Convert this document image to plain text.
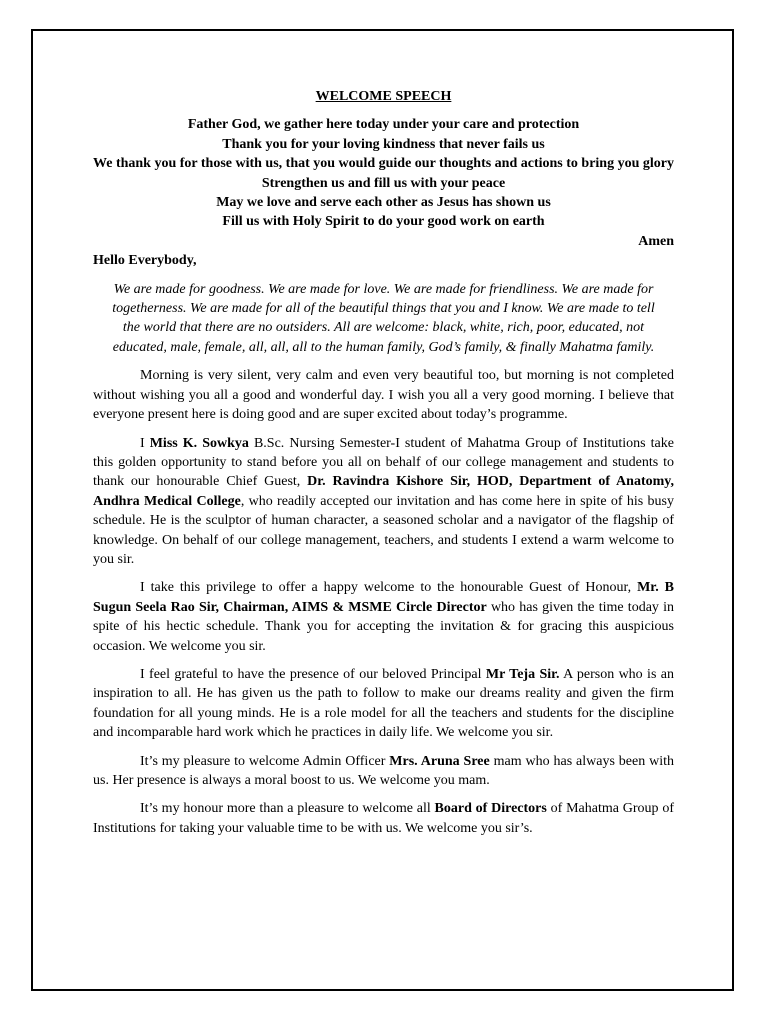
WELCOME SPEECH

Father God, we gather here today under your care and protection
Thank you for your loving kindness that never fails us
We thank you for those with us, that you would guide our thoughts and actions to bring you glory
Strengthen us and fill us with your peace
May we love and serve each other as Jesus has shown us
Fill us with Holy Spirit to do your good work on earth

Amen

Hello Everybody,

We are made for goodness. We are made for love. We are made for friendliness. We are made for togetherness. We are made for all of the beautiful things that you and I know. We are made to tell the world that there are no outsiders. All are welcome: black, white, rich, poor, educated, not educated, male, female, all, all, all to the human family, God’s family, & finally Mahatma family.

Morning is very silent, very calm and even very beautiful too, but morning is not completed without wishing you all a good and wonderful day. I wish you all a very good morning. I believe that everyone present here is doing good and are super excited about today’s programme.

I Miss K. Sowkya B.Sc. Nursing Semester-I student of Mahatma Group of Institutions take this golden opportunity to stand before you all on behalf of our college management and students to thank our honourable Chief Guest, Dr. Ravindra Kishore Sir, HOD, Department of Anatomy, Andhra Medical College, who readily accepted our invitation and has come here in spite of his busy schedule. He is the sculptor of human character, a seasoned scholar and a navigator of the flagship of knowledge. On behalf of our college management, teachers, and students I extend a warm welcome to you sir.

I take this privilege to offer a happy welcome to the honourable Guest of Honour, Mr. B Sugun Seela Rao Sir, Chairman, AIMS & MSME Circle Director who has given the time today in spite of his hectic schedule. Thank you for accepting the invitation & for gracing this auspicious occasion. We welcome you sir.

I feel grateful to have the presence of our beloved Principal Mr Teja Sir. A person who is an inspiration to all. He has given us the path to follow to make our dreams reality and given the firm foundation for all young minds. He is a role model for all the teachers and students for the discipline and incomparable hard work which he practices in daily life. We welcome you sir.

It’s my pleasure to welcome Admin Officer Mrs. Aruna Sree mam who has always been with us. Her presence is always a moral boost to us. We welcome you mam.

It’s my honour more than a pleasure to welcome all Board of Directors of Mahatma Group of Institutions for taking your valuable time to be with us. We welcome you sir’s.
